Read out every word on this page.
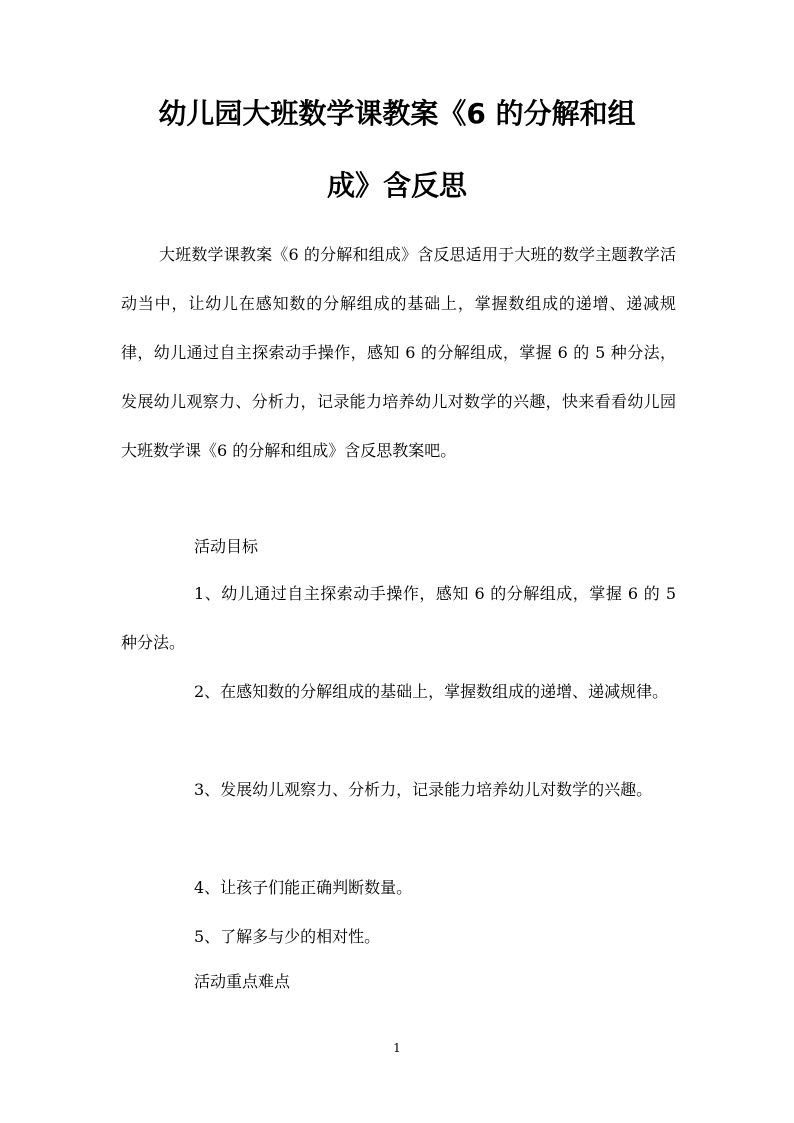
幼儿园大班数学课教案《6 的分解和组
成》含反思

大班数学课教案《6 的分解和组成》含反思适用于大班的数学主题教学活动当中，让幼儿在感知数的分解组成的基础上，掌握数组成的递增、递减规律，幼儿通过自主探索动手操作，感知 6 的分解组成，掌握 6 的 5 种分法，发展幼儿观察力、分析力，记录能力培养幼儿对数学的兴趣，快来看看幼儿园大班数学课《6 的分解和组成》含反思教案吧。

活动目标

1、幼儿通过自主探索动手操作，感知 6 的分解组成，掌握 6 的 5 种分法。

2、在感知数的分解组成的基础上，掌握数组成的递增、递减规律。

3、发展幼儿观察力、分析力，记录能力培养幼儿对数学的兴趣。

4、让孩子们能正确判断数量。

5、了解多与少的相对性。

活动重点难点

1
